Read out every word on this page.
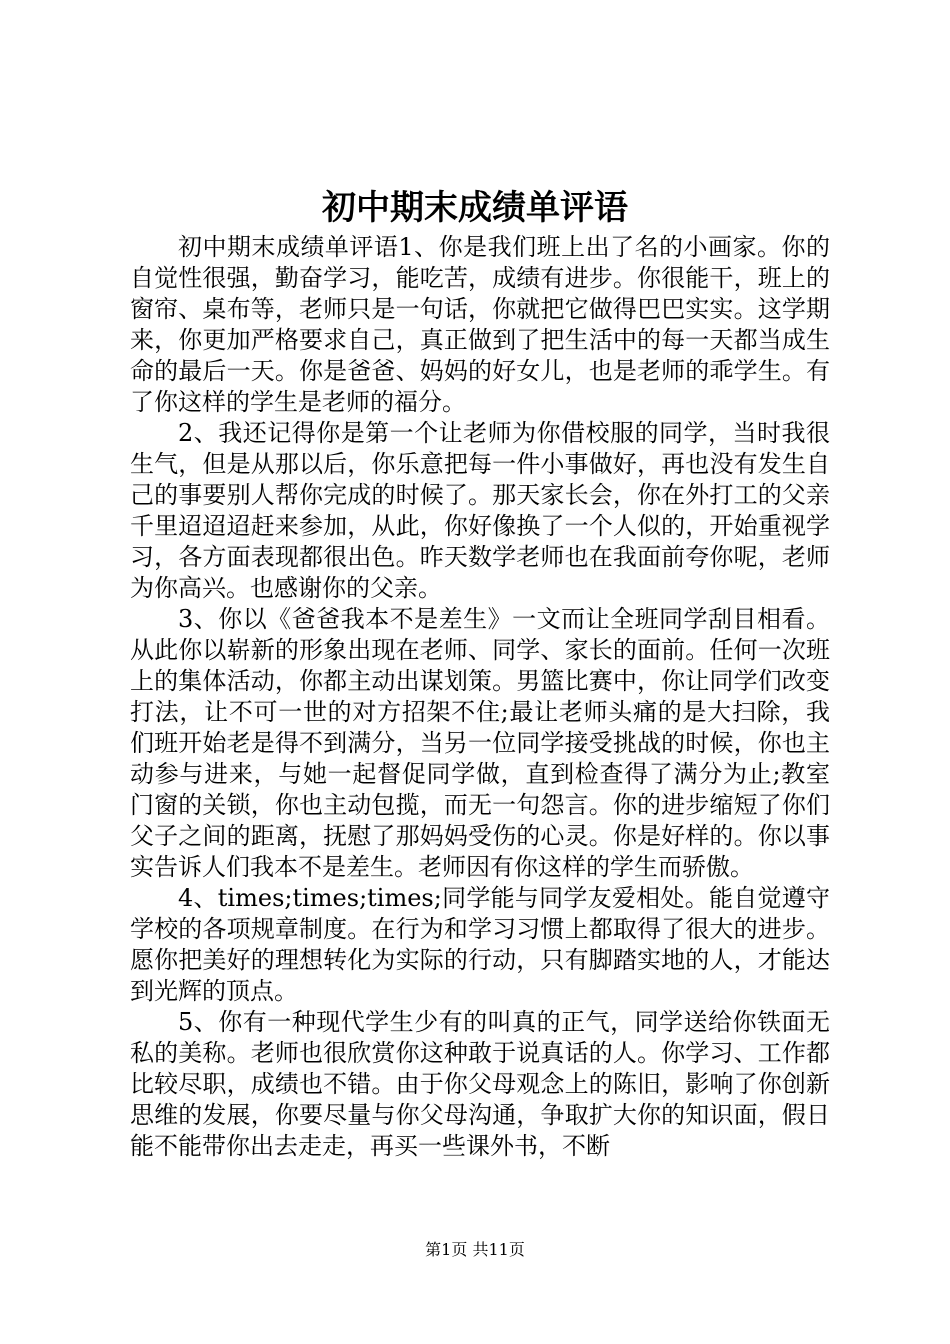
初中期末成绩单评语

初中期末成绩单评语1、你是我们班上出了名的小画家。你的自觉性很强，勤奋学习，能吃苦，成绩有进步。你很能干，班上的窗帘、桌布等，老师只是一句话，你就把它做得巴巴实实。这学期来，你更加严格要求自己，真正做到了把生活中的每一天都当成生命的最后一天。你是爸爸、妈妈的好女儿，也是老师的乖学生。有了你这样的学生是老师的福分。

2、我还记得你是第一个让老师为你借校服的同学，当时我很生气，但是从那以后，你乐意把每一件小事做好，再也没有发生自己的事要别人帮你完成的时候了。那天家长会，你在外打工的父亲千里迢迢迢赶来参加，从此，你好像换了一个人似的，开始重视学习，各方面表现都很出色。昨天数学老师也在我面前夸你呢，老师为你高兴。也感谢你的父亲。

3、你以《爸爸我本不是差生》一文而让全班同学刮目相看。从此你以崭新的形象出现在老师、同学、家长的面前。任何一次班上的集体活动，你都主动出谋划策。男篮比赛中，你让同学们改变打法，让不可一世的对方招架不住;最让老师头痛的是大扫除，我们班开始老是得不到满分，当另一位同学接受挑战的时候，你也主动参与进来，与她一起督促同学做，直到检查得了满分为止;教室门窗的关锁，你也主动包揽，而无一句怨言。你的进步缩短了你们父子之间的距离，抚慰了那妈妈受伤的心灵。你是好样的。你以事实告诉人们我本不是差生。老师因有你这样的学生而骄傲。

4、times;times;times;同学能与同学友爱相处。能自觉遵守学校的各项规章制度。在行为和学习习惯上都取得了很大的进步。愿你把美好的理想转化为实际的行动，只有脚踏实地的人，才能达到光辉的顶点。

5、你有一种现代学生少有的叫真的正气，同学送给你铁面无私的美称。老师也很欣赏你这种敢于说真话的人。你学习、工作都比较尽职，成绩也不错。由于你父母观念上的陈旧，影响了你创新思维的发展，你要尽量与你父母沟通，争取扩大你的知识面，假日能不能带你出去走走，再买一些课外书，不断

第1页 共11页
